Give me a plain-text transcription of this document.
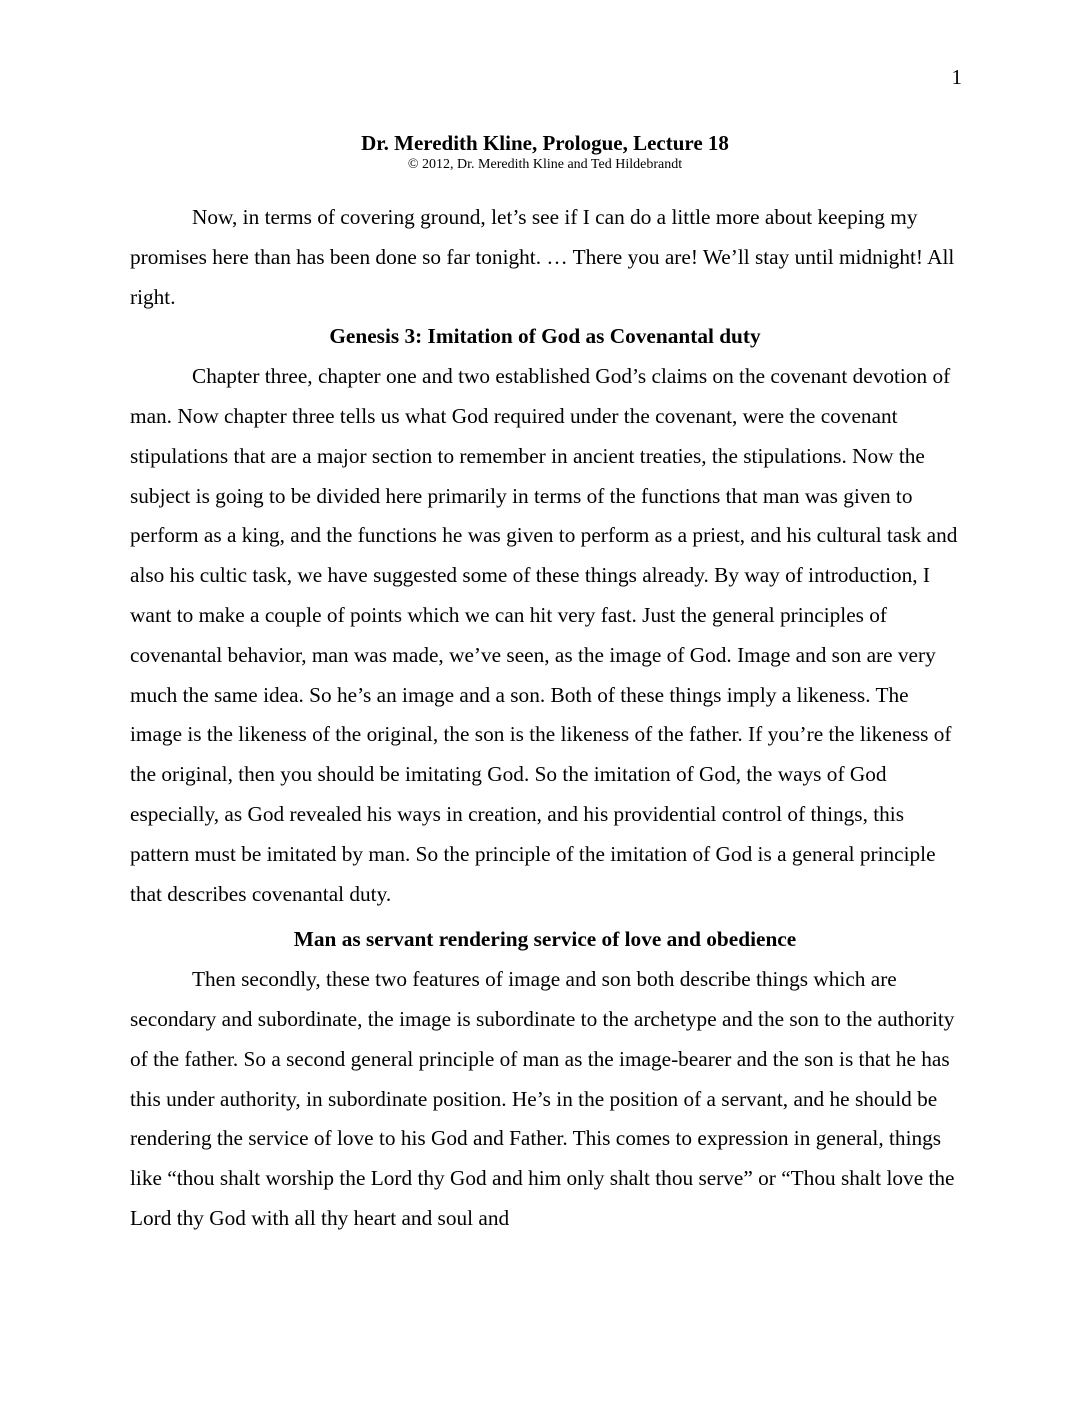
1
Dr. Meredith Kline, Prologue, Lecture 18
© 2012, Dr. Meredith Kline and Ted Hildebrandt

Now, in terms of covering ground, let’s see if I can do a little more about keeping my promises here than has been done so far tonight. … There you are! We’ll stay until midnight! All right.

Genesis 3: Imitation of God as Covenantal duty

Chapter three, chapter one and two established God’s claims on the covenant devotion of man. Now chapter three tells us what God required under the covenant, were the covenant stipulations that are a major section to remember in ancient treaties, the stipulations. Now the subject is going to be divided here primarily in terms of the functions that man was given to perform as a king, and the functions he was given to perform as a priest, and his cultural task and also his cultic task, we have suggested some of these things already. By way of introduction, I want to make a couple of points which we can hit very fast. Just the general principles of covenantal behavior, man was made, we’ve seen, as the image of God. Image and son are very much the same idea. So he’s an image and a son. Both of these things imply a likeness. The image is the likeness of the original, the son is the likeness of the father. If you’re the likeness of the original, then you should be imitating God. So the imitation of God, the ways of God especially, as God revealed his ways in creation, and his providential control of things, this pattern must be imitated by man. So the principle of the imitation of God is a general principle that describes covenantal duty.

Man as servant rendering service of love and obedience

Then secondly, these two features of image and son both describe things which are secondary and subordinate, the image is subordinate to the archetype and the son to the authority of the father. So a second general principle of man as the image-bearer and the son is that he has this under authority, in subordinate position. He’s in the position of a servant, and he should be rendering the service of love to his God and Father. This comes to expression in general, things like “thou shalt worship the Lord thy God and him only shalt thou serve” or “Thou shalt love the Lord thy God with all thy heart and soul and
